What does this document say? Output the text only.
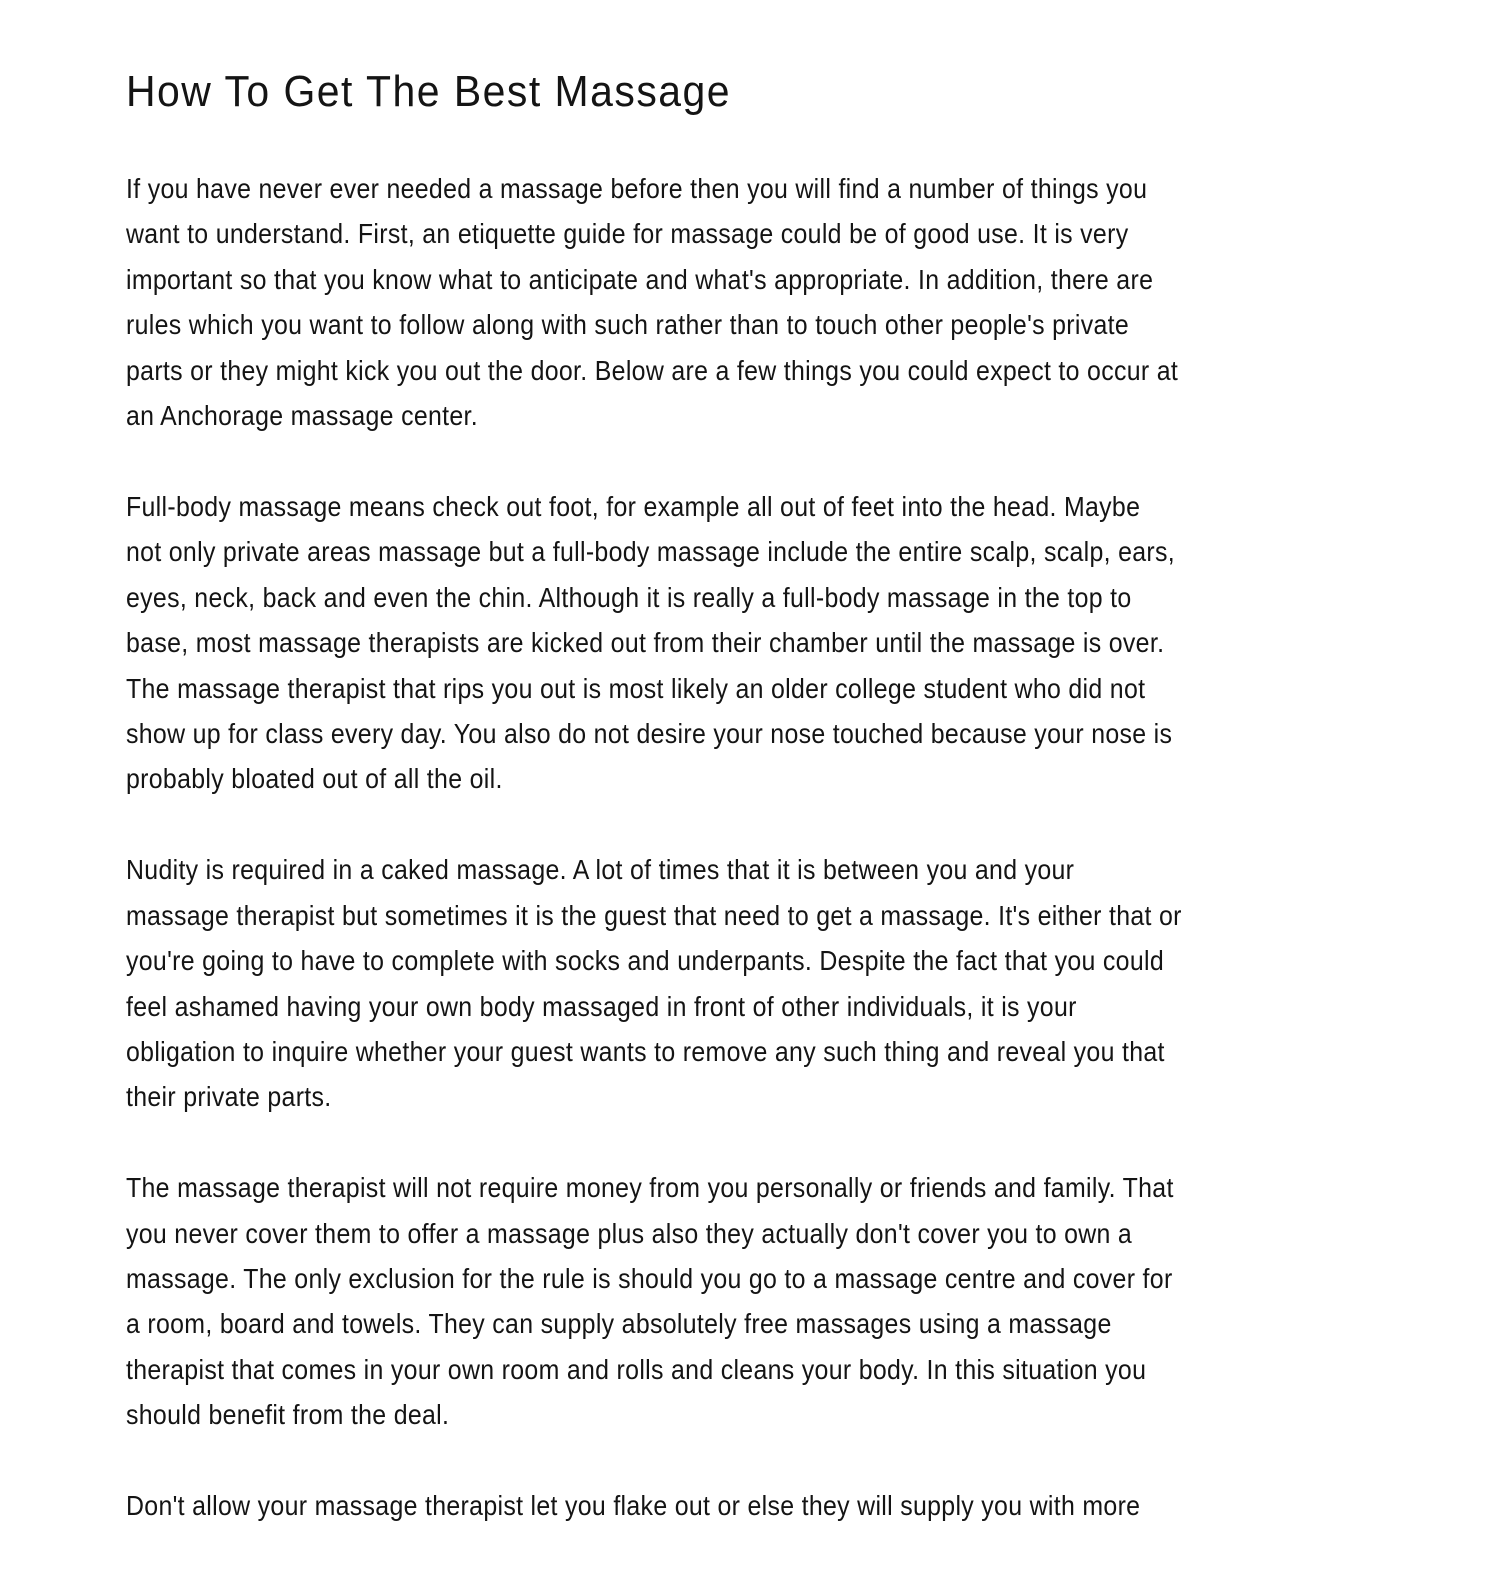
How To Get The Best Massage

If you have never ever needed a massage before then you will find a number of things you
want to understand. First, an etiquette guide for massage could be of good use. It is very
important so that you know what to anticipate and what's appropriate. In addition, there are
rules which you want to follow along with such rather than to touch other people's private
parts or they might kick you out the door. Below are a few things you could expect to occur at
an Anchorage massage center.

Full-body massage means check out foot, for example all out of feet into the head. Maybe
not only private areas massage but a full-body massage include the entire scalp, scalp, ears,
eyes, neck, back and even the chin. Although it is really a full-body massage in the top to
base, most massage therapists are kicked out from their chamber until the massage is over.
The massage therapist that rips you out is most likely an older college student who did not
show up for class every day. You also do not desire your nose touched because your nose is
probably bloated out of all the oil.

Nudity is required in a caked massage. A lot of times that it is between you and your
massage therapist but sometimes it is the guest that need to get a massage. It's either that or
you're going to have to complete with socks and underpants. Despite the fact that you could
feel ashamed having your own body massaged in front of other individuals, it is your
obligation to inquire whether your guest wants to remove any such thing and reveal you that
their private parts.

The massage therapist will not require money from you personally or friends and family. That
you never cover them to offer a massage plus also they actually don't cover you to own a
massage. The only exclusion for the rule is should you go to a massage centre and cover for
a room, board and towels. They can supply absolutely free massages using a massage
therapist that comes in your own room and rolls and cleans your body. In this situation you
should benefit from the deal.

Don't allow your massage therapist let you flake out or else they will supply you with more
